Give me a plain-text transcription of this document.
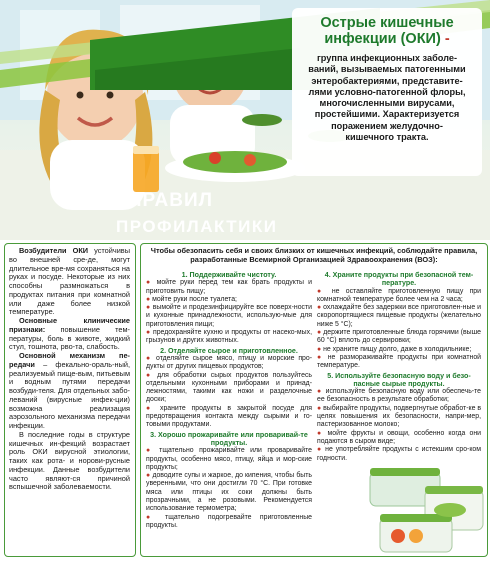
5 ПРАВИЛ
ПРОФИЛАКТИКИ
Острые кишечные инфекции (ОКИ) -
группа инфекционных заболе-
ваний, вызываемых патогенными
энтеробактериями, представите-
лями условно-патогенной флоры,
многочисленными вирусами,
простейшими. Характеризуется
поражением желудочно-
кишечного тракта.

Возбудители ОКИ устойчивы во внешней сре-де, могут длительное вре-мя сохраняться на руках и посуде. Некоторые из них способны размножаться в продуктах питания при комнатной или даже более низкой температуре.

Основные клинические признаки: повышение тем-пературы, боль в животе, жидкий стул, тошнота, рво-та, слабость.

Основной механизм пе-редачи – фекально-ораль-ный, реализуемый пище-вым, питьевым и водным путями передачи возбуди-теля. Для отдельных забо-леваний (вирусные инфек-ции) возможна реализация аэрозольного механизма передачи инфекции.

В последние годы в структуре кишечных ин-фекций возрастает роль ОКИ вирусной этиологии, таких как рота- и норови-русные инфекции. Данные возбудители часто являют-ся причиной вспышечной заболеваемости.

Чтобы обезопасить себя и своих близких от кишечных инфекций, соблюдайте правила, разработанные Всемирной Организацией Здравоохранения (ВОЗ):
1. Поддерживайте чистоту.

● мойте руки перед тем как брать продукты и приготовить пищу;

● мойте руки после туалета;

● вымойте и продезинфицируйте все поверх-ности и кухонные принадлежности, использую-мые для приготовления пищи;

● предохраняйте кухню и продукты от насеко-мых, грызунов и других животных.

2. Отделяйте сырое и приготовленное.

● отделяйте сырое мясо, птицу и морские про-дукты от других пищевых продуктов;

● для обработки сырых продуктов пользуйтесь отдельными кухонными приборами и принад-лежностями, такими как ножи и разделочные доски;

● храните продукты в закрытой посуде для предотвращения контакта между сырыми и го-товыми продуктами.

3. Хорошо прожаривайте или проваривай-те продукты.

● тщательно прожаривайте или проваривайте продукты, особенно мясо, птицу, яйца и мор-ские продукты;

● доводите супы и жаркое, до кипения, чтобы быть уверенными, что они достигли 70 °С. При готовке мяса или птицы их соки должны быть прозрачными, а не розовыми. Рекомендуется использование термометра;

● тщательно подогревайте приготовленные продукты.

4. Храните продукты при безопасной тем-пературе.

● не оставляйте приготовленную пищу при комнатной температуре более чем на 2 часа;

● охлаждайте без задержки все приготовлен-ные и скоропортящиеся пищевые продукты (желательно ниже 5 °С);

● держите приготовленные блюда горячими (выше 60 °С) вплоть до сервировки;

● не храните пищу долго, даже в холодильнике;

● не размораживайте продукты при комнатной температуре.

5. Используйте безопасную воду и безо-пасные сырые продукты.

● используйте безопасную воду или обеспечь-те ее безопасность в результате обработки;

● выбирайте продукты, подвергнутые обработ-ке в целях повышения их безопасности, напри-мер, пастеризованное молоко;

● мойте фрукты и овощи, особенно когда они подаются в сыром виде;

● не употребляйте продукты с истекшим сро-ком годности.
